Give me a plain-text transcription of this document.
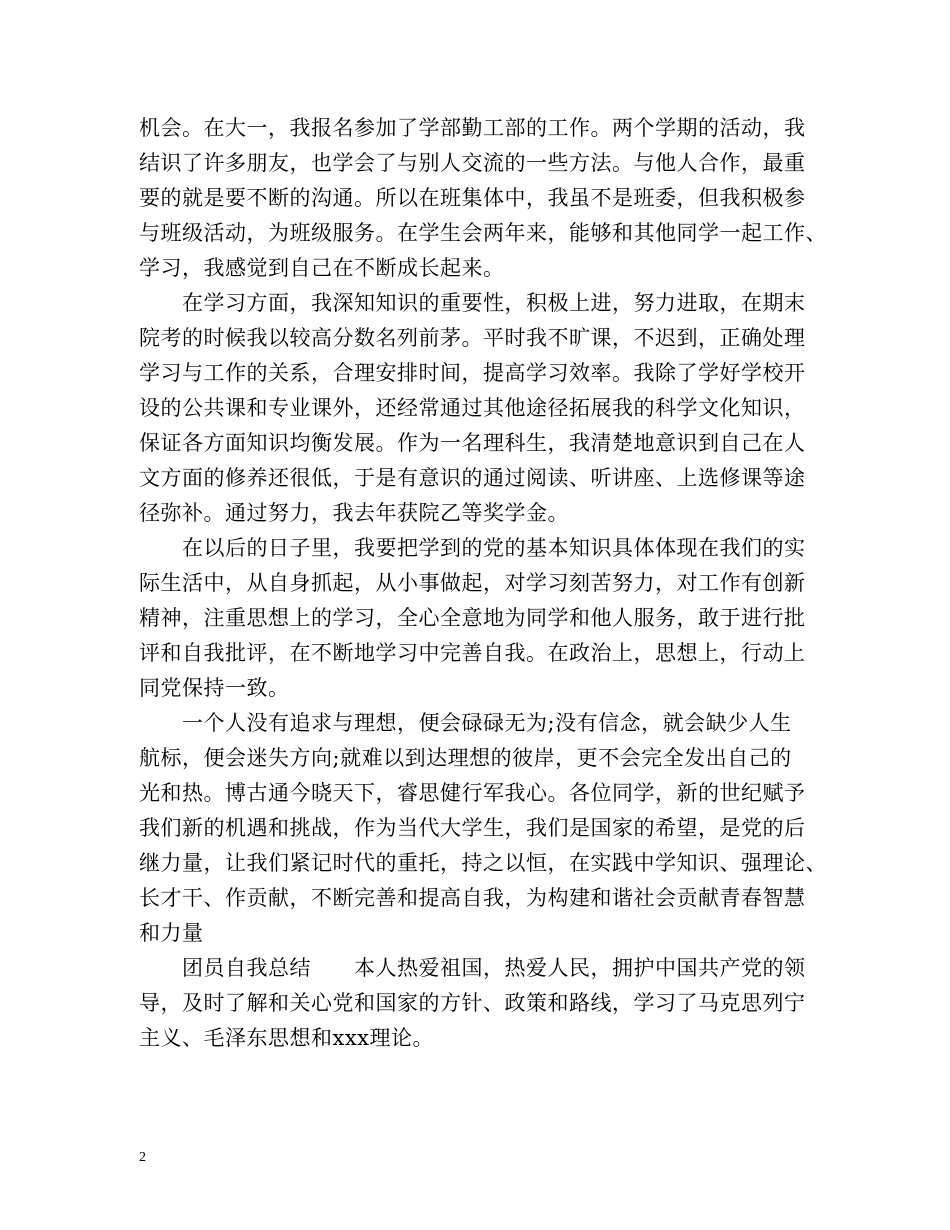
机会。在大一，我报名参加了学部勤工部的工作。两个学期的活动，我
结识了许多朋友，也学会了与别人交流的一些方法。与他人合作，最重
要的就是要不断的沟通。所以在班集体中，我虽不是班委，但我积极参
与班级活动，为班级服务。在学生会两年来，能够和其他同学一起工作、
学习，我感觉到自己在不断成长起来。
在学习方面，我深知知识的重要性，积极上进，努力进取，在期末
院考的时候我以较高分数名列前茅。平时我不旷课，不迟到，正确处理
学习与工作的关系，合理安排时间，提高学习效率。我除了学好学校开
设的公共课和专业课外，还经常通过其他途径拓展我的科学文化知识，
保证各方面知识均衡发展。作为一名理科生，我清楚地意识到自己在人
文方面的修养还很低，于是有意识的通过阅读、听讲座、上选修课等途
径弥补。通过努力，我去年获院乙等奖学金。
在以后的日子里，我要把学到的党的基本知识具体体现在我们的实
际生活中，从自身抓起，从小事做起，对学习刻苦努力，对工作有创新
精神，注重思想上的学习，全心全意地为同学和他人服务，敢于进行批
评和自我批评，在不断地学习中完善自我。在政治上，思想上，行动上
同党保持一致。
一个人没有追求与理想，便会碌碌无为;没有信念，就会缺少人生
航标，便会迷失方向;就难以到达理想的彼岸，更不会完全发出自己的
光和热。博古通今晓天下，睿思健行军我心。各位同学，新的世纪赋予
我们新的机遇和挑战，作为当代大学生，我们是国家的希望，是党的后
继力量，让我们紧记时代的重托，持之以恒，在实践中学知识、强理论、
长才干、作贡献，不断完善和提高自我，为构建和谐社会贡献青春智慧
和力量
团员自我总结　　本人热爱祖国，热爱人民，拥护中国共产党的领
导，及时了解和关心党和国家的方针、政策和路线，学习了马克思列宁
主义、毛泽东思想和xxx理论。
2
